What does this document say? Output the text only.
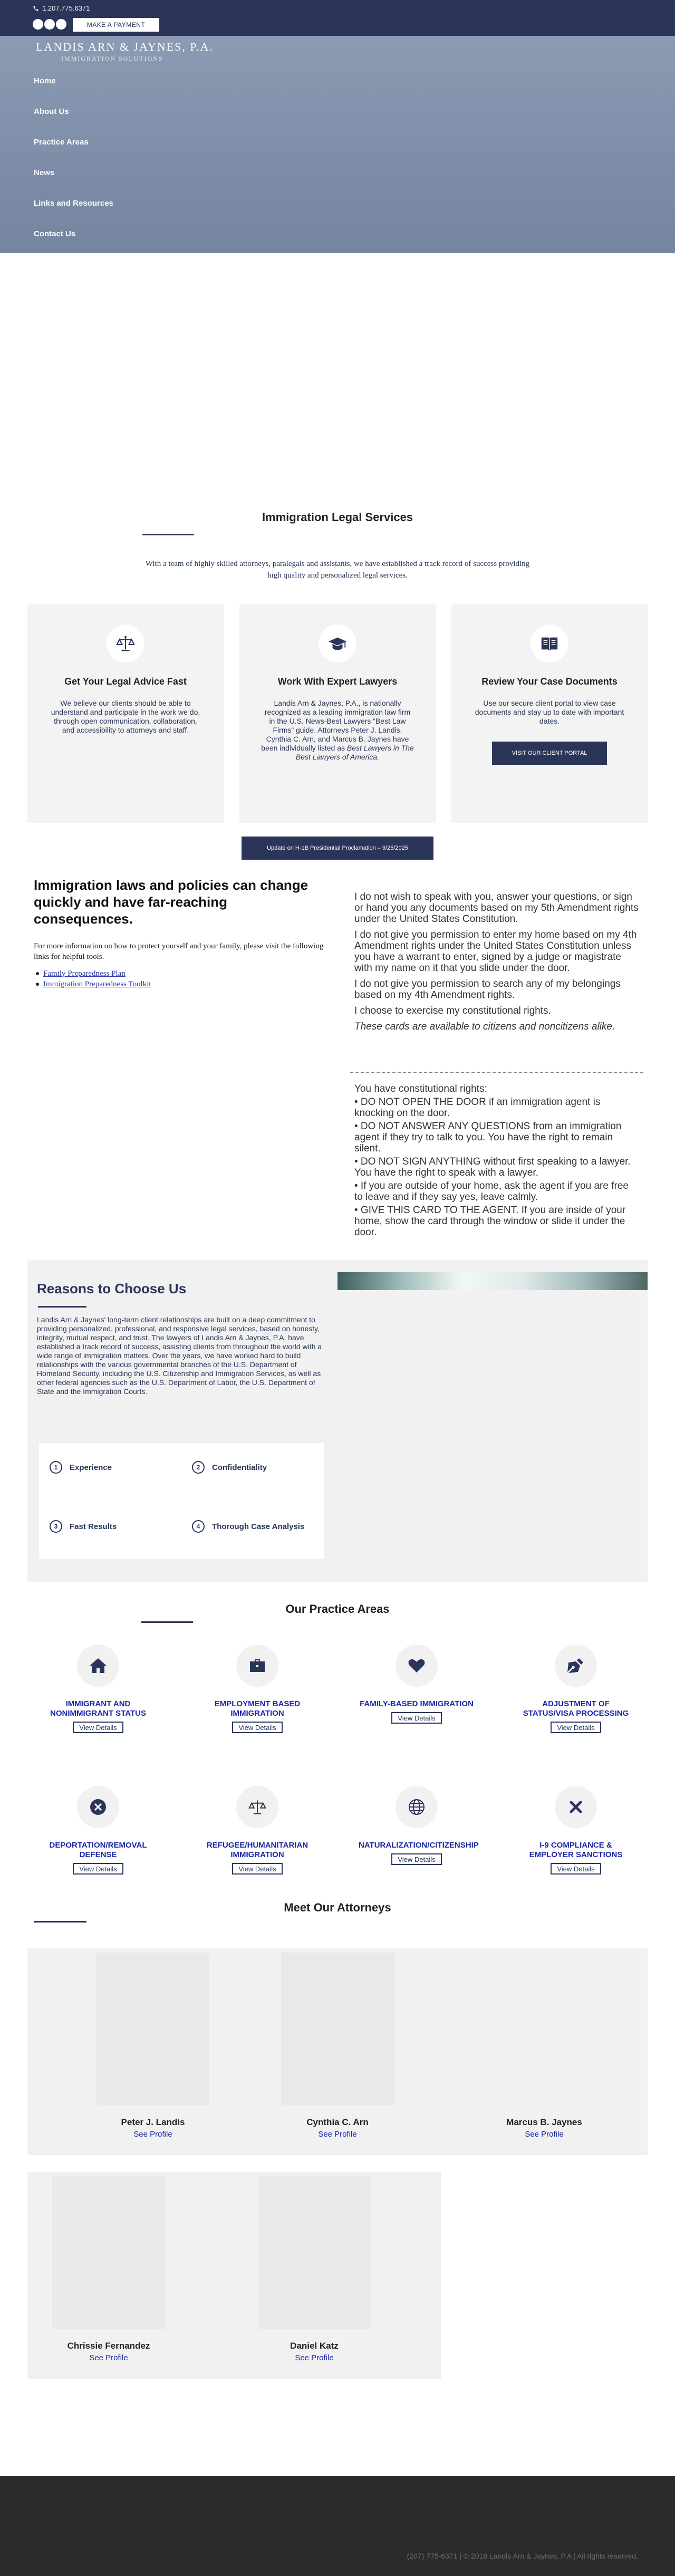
1.207.775.6371
MAKE A PAYMENT
LANDIS ARN & JAYNES, P.A.
IMMIGRATION SOLUTIONS
Home
About Us
Practice Areas
News
Links and Resources
Contact Us
Immigration Legal Services

With a team of highly skilled attorneys, paralegals and assistants, we have established a track record of success providing high quality and personalized legal services.

Get Your Legal Advice Fast

We believe our clients should be able to understand and participate in the work we do, through open communication, collaboration, and accessibility to attorneys and staff.

Work With Expert Lawyers

Landis Arn & Jaynes, P.A., is nationally recognized as a leading immigration law firm in the U.S. News-Best Lawyers “Best Law Firms” guide. Attorneys Peter J. Landis, Cynthia C. Arn, and Marcus B. Jaynes have been individually listed as Best Lawyers in The Best Lawyers of America.

Review Your Case Documents

Use our secure client portal to view case documents and stay up to date with important dates.

VISIT OUR CLIENT PORTAL
Update on H-1B Presidential Proclamation – 9/25/2025
Immigration laws and policies can change quickly and have far-reaching consequences.

For more information on how to protect yourself and your family, please visit the following links for helpful tools.

Family Preparedness Plan
Immigration Preparedness Toolkit

I do not wish to speak with you, answer your questions, or sign or hand you any documents based on my 5th Amendment rights under the United States Constitution.

I do not give you permission to enter my home based on my 4th Amendment rights under the United States Constitution unless you have a warrant to enter, signed by a judge or magistrate with my name on it that you slide under the door.

I do not give you permission to search any of my belongings based on my 4th Amendment rights.

I choose to exercise my constitutional rights.

These cards are available to citizens and noncitizens alike.

You have constitutional rights:

• DO NOT OPEN THE DOOR if an immigration agent is knocking on the door.

• DO NOT ANSWER ANY QUESTIONS from an immigration agent if they try to talk to you. You have the right to remain silent.

• DO NOT SIGN ANYTHING without first speaking to a lawyer. You have the right to speak with a lawyer.

• If you are outside of your home, ask the agent if you are free to leave and if they say yes, leave calmly.

• GIVE THIS CARD TO THE AGENT. If you are inside of your home, show the card through the window or slide it under the door.

Reasons to Choose Us

Landis Arn & Jaynes' long-term client relationships are built on a deep commitment to providing personalized, professional, and responsive legal services, based on honesty, integrity, mutual respect, and trust. The lawyers of Landis Arn & Jaynes, P.A. have established a track record of success, assisting clients from throughout the world with a wide range of immigration matters. Over the years, we have worked hard to build relationships with the various governmental branches of the U.S. Department of Homeland Security, including the U.S. Citizenship and Immigration Services, as well as other federal agencies such as the U.S. Department of Labor, the U.S. Department of State and the Immigration Courts.

1	Experience	2	Confidentiality
3	Fast Results	4	Thorough Case Analysis
Our Practice Areas
IMMIGRANT AND NONIMMIGRANT STATUS
View Details
EMPLOYMENT BASED IMMIGRATION
View Details
FAMILY-BASED IMMIGRATION
View Details
ADJUSTMENT OF STATUS/VISA PROCESSING
View Details
DEPORTATION/REMOVAL DEFENSE
View Details
REFUGEE/HUMANITARIAN IMMIGRATION
View Details
NATURALIZATION/CITIZENSHIP
View Details
I-9 COMPLIANCE & EMPLOYER SANCTIONS
View Details
Meet Our Attorneys
Peter J. Landis
See Profile
Cynthia C. Arn
See Profile
Marcus B. Jaynes
See Profile
Chrissie Fernandez
See Profile
Daniel Katz
See Profile
(207) 775-6371 | © 2018 Landis Arn & Jaynes, P.A | All rights reserved.
